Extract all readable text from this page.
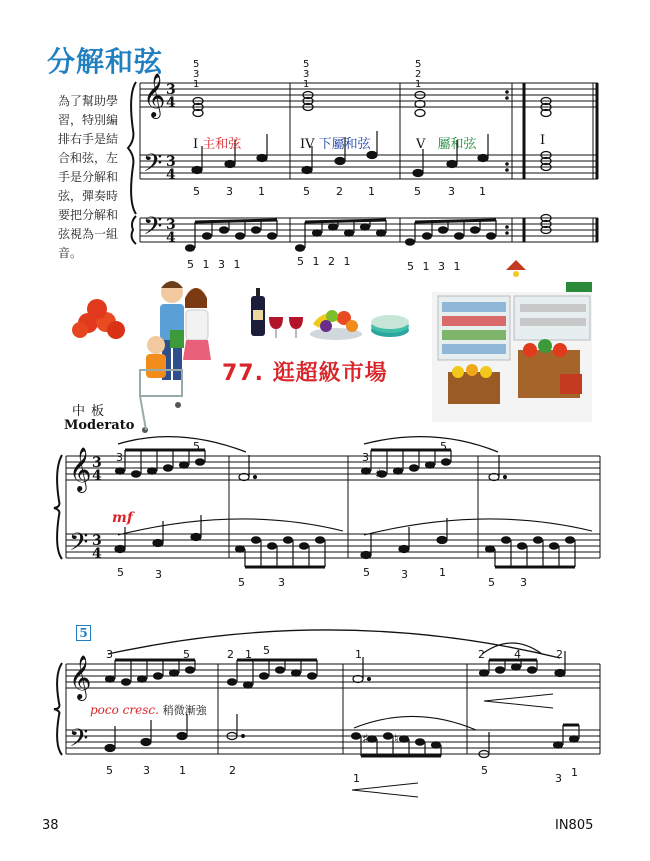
分解和弦
為了幫助學習，特別編排右手是結合和弦，左手是分解和弦，彈奏時要把分解和弦視為一組音。
77. 逛超級市場
中板
Moderato
5
38	IN805
𝄞
𝄢
𝄢
3
4
3
4
3
4
𝄞
𝄢
3
4
3
4
♯
𝄞
𝄢	♯ ♮
I 主和弦	IV 下屬和弦	V 屬和弦	I
5
3
1
5
3
1
5
2
1
5 3 1	5 2 1	5 3 1
5 1 3 1	5 1 2 1	5 1 3 1
3
5
3
5
mf
5	3
5	3
5	3	1
5 3
3	5	2 1 5	1	2	4	2
poco cresc. 稍微漸強
5	3	1	2
1
5
3 1
